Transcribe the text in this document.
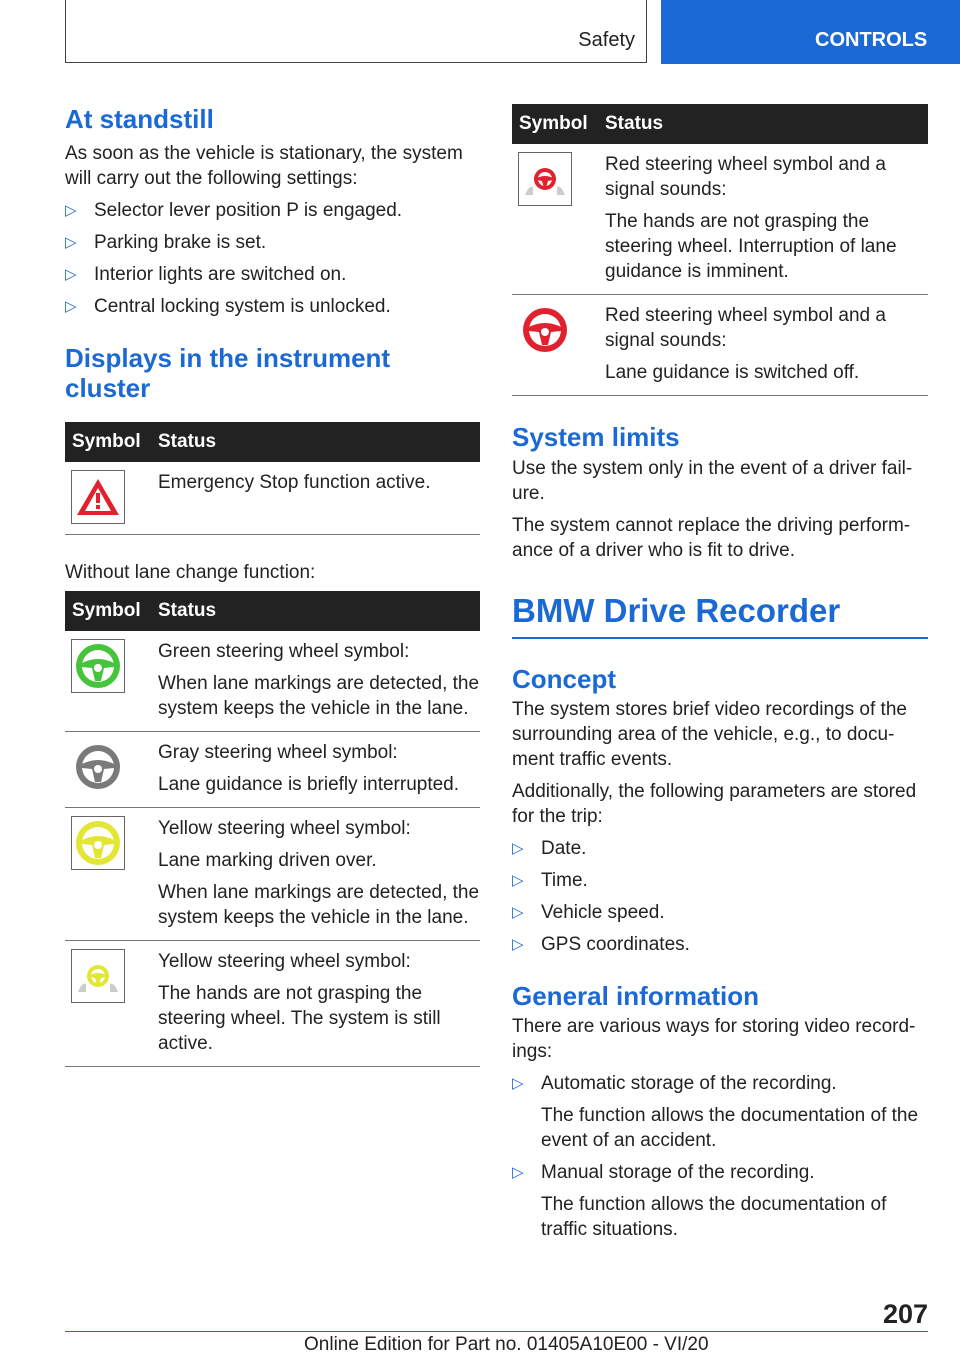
Safety	CONTROLS
At standstill

As soon as the vehicle is stationary, the system will carry out the following settings:

▷ Selector lever position P is engaged.
▷ Parking brake is set.
▷ Interior lights are switched on.
▷ Central locking system is unlocked.
Displays in the instrument
cluster
Symbol	Status

Emergency Stop function active.

Without lane change function:

Symbol	Status

Green steering wheel symbol:
When lane markings are detected, the system keeps the vehicle in the lane.

Gray steering wheel symbol:
Lane guidance is briefly interrupted.

Yellow steering wheel symbol:
Lane marking driven over.
When lane markings are detected, the system keeps the vehicle in the lane.

Yellow steering wheel symbol:
The hands are not grasping the steering wheel. The system is still active.
Symbol	Status

Red steering wheel symbol and a signal sounds:
The hands are not grasping the steering wheel. Interruption of lane guidance is imminent.

Red steering wheel symbol and a signal sounds:
Lane guidance is switched off.
System limits

Use the system only in the event of a driver fail‐ure.

The system cannot replace the driving perform‐ance of a driver who is fit to drive.

BMW Drive Recorder
Concept

The system stores brief video recordings of the surrounding area of the vehicle, e.g., to docu‐ment traffic events.

Additionally, the following parameters are stored for the trip:

▷ Date.
▷ Time.
▷ Vehicle speed.
▷ GPS coordinates.
General information

There are various ways for storing video record‐ings:

▷ Automatic storage of the recording.
The function allows the documentation of the event of an accident.
▷ Manual storage of the recording.
The function allows the documentation of traffic situations.
207
Online Edition for Part no. 01405A10E00 - VI/20
